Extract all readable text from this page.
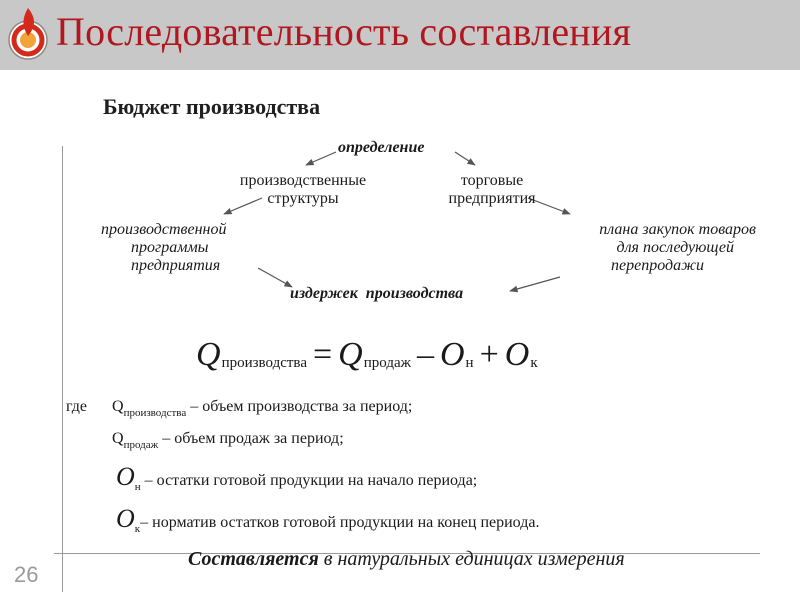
Последовательность составления
Бюджет производства
26
определение
производственные
структуры
торговые
предприятия
производственной
программы
предприятия
плана закупок товаров
для последующей
перепродажи
издержек  производства
Qпроизводства = Qпродаж – Oн + Oк
где $Q_{производства}$ – объем производства за период;
$Q_{продаж}$ – объем продаж за период;
$O_н$ – остатки готовой продукции на начало периода;
$O_к-$ норматив остатков готовой продукции на конец периода.
Составляется в натуральных единицах измерения
